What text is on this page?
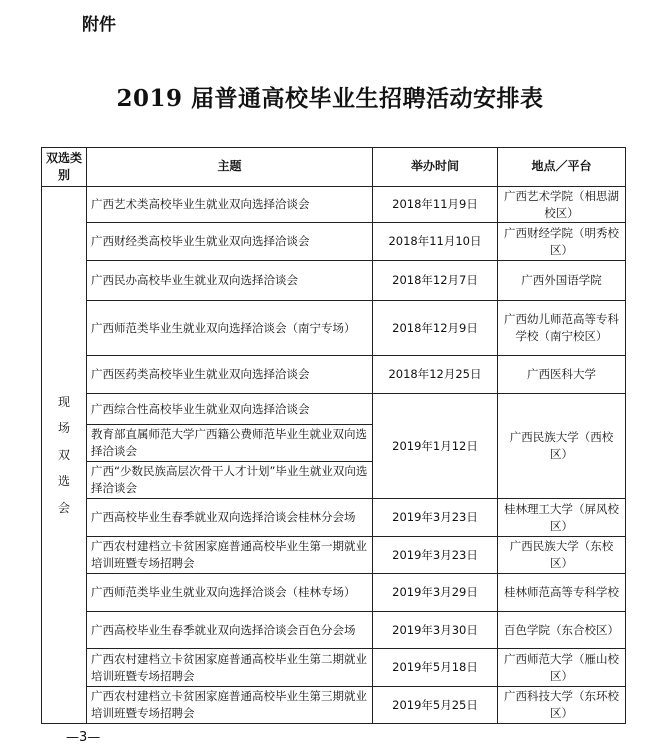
附件
2019 届普通高校毕业生招聘活动安排表
双选类别	主题	举办时间	地点／平台

现场双选会	广西艺术类高校毕业生就业双向选择洽谈会	2018年11月9日	广西艺术学院（相思湖校区）
	广西财经类高校毕业生就业双向选择洽谈会	2018年11月10日	广西财经学院（明秀校区）
	广西民办高校毕业生就业双向选择洽谈会	2018年12月7日	广西外国语学院
	广西师范类毕业生就业双向选择洽谈会（南宁专场）	2018年12月9日	广西幼儿师范高等专科学校（南宁校区）
	广西医药类高校毕业生就业双向选择洽谈会	2018年12月25日	广西医科大学
	广西综合性高校毕业生就业双向选择洽谈会	2019年1月12日	广西民族大学（西校区）
	教育部直属师范大学广西籍公费师范毕业生就业双向选择洽谈会		
	广西“少数民族高层次骨干人才计划”毕业生就业双向选择洽谈会		
	广西高校毕业生春季就业双向选择洽谈会桂林分会场	2019年3月23日	桂林理工大学（屏风校区）
	广西农村建档立卡贫困家庭普通高校毕业生第一期就业培训班暨专场招聘会	2019年3月23日	广西民族大学（东校区）
	广西师范类毕业生就业双向选择洽谈会（桂林专场）	2019年3月29日	桂林师范高等专科学校
	广西高校毕业生春季就业双向选择洽谈会百色分会场	2019年3月30日	百色学院（东合校区）
	广西农村建档立卡贫困家庭普通高校毕业生第二期就业培训班暨专场招聘会	2019年5月18日	广西师范大学（雁山校区）
	广西农村建档立卡贫困家庭普通高校毕业生第三期就业培训班暨专场招聘会	2019年5月25日	广西科技大学（东环校区）
—3—
